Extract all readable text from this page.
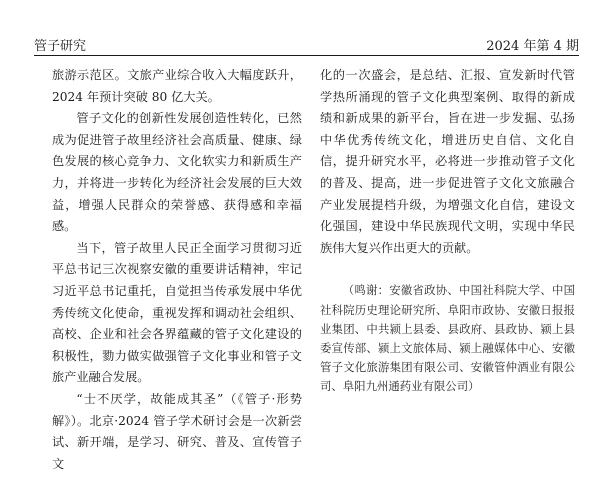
管子研究	2024 年第 4 期

旅游示范区。文旅产业综合收入大幅度跃升，2024 年预计突破 80 亿大关。

管子文化的创新性发展创造性转化，已然成为促进管子故里经济社会高质量、健康、绿色发展的核心竞争力、文化软实力和新质生产力，并将进一步转化为经济社会发展的巨大效益，增强人民群众的荣誉感、获得感和幸福感。

当下，管子故里人民正全面学习贯彻习近平总书记三次视察安徽的重要讲话精神，牢记习近平总书记重托，自觉担当传承发展中华优秀传统文化使命，重视发挥和调动社会组织、高校、企业和社会各界蕴藏的管子文化建设的积极性，勠力做实做强管子文化事业和管子文旅产业融合发展。

“士不厌学，故能成其圣”（《管子·形势解》）。北京·2024 管子学术研讨会是一次新尝试、新开端，是学习、研究、普及、宣传管子文

化的一次盛会，是总结、汇报、宣发新时代管学热所涌现的管子文化典型案例、取得的新成绩和新成果的新平台，旨在进一步发掘、弘扬中华优秀传统文化，增进历史自信、文化自信，提升研究水平，必将进一步推动管子文化的普及、提高，进一步促进管子文化文旅融合产业发展提档升级，为增强文化自信，建设文化强国，建设中华民族现代文明，实现中华民族伟大复兴作出更大的贡献。

（鸣谢：安徽省政协、中国社科院大学、中国社科院历史理论研究所、阜阳市政协、安徽日报报业集团、中共颍上县委、县政府、县政协、颍上县委宣传部、颍上文旅体局、颍上融媒体中心、安徽管子文化旅游集团有限公司、安徽管仲酒业有限公司、阜阳九州通药业有限公司）
